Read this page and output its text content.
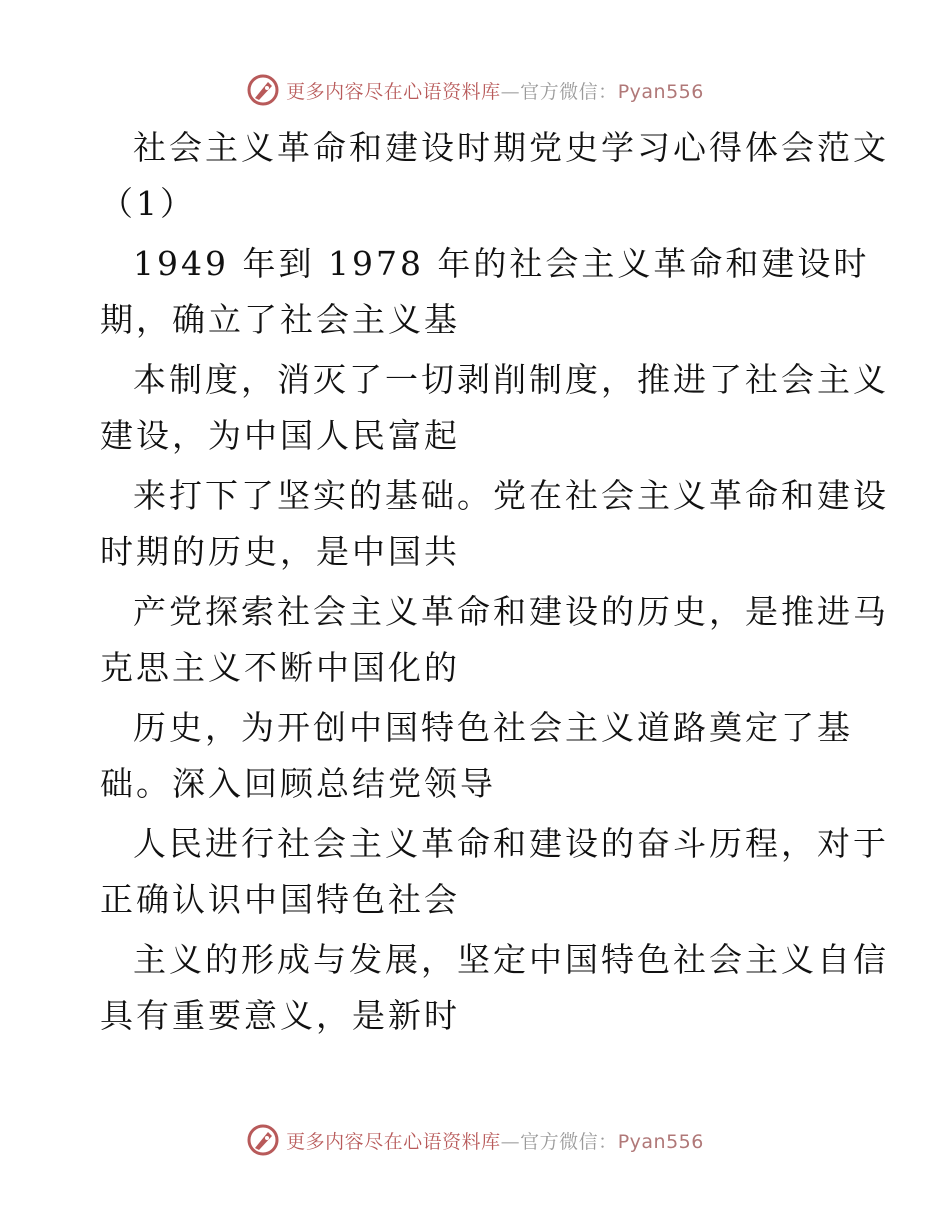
更多内容尽在心语资料库—官方微信：Pyan556
社会主义革命和建设时期党史学习心得体会范文
（1）
1949 年到 1978 年的社会主义革命和建设时
期，确立了社会主义基
本制度，消灭了一切剥削制度，推进了社会主义
建设，为中国人民富起
来打下了坚实的基础。党在社会主义革命和建设
时期的历史，是中国共
产党探索社会主义革命和建设的历史，是推进马
克思主义不断中国化的
历史，为开创中国特色社会主义道路奠定了基
础。深入回顾总结党领导
人民进行社会主义革命和建设的奋斗历程，对于
正确认识中国特色社会
主义的形成与发展，坚定中国特色社会主义自信
具有重要意义，是新时
更多内容尽在心语资料库—官方微信：Pyan556
